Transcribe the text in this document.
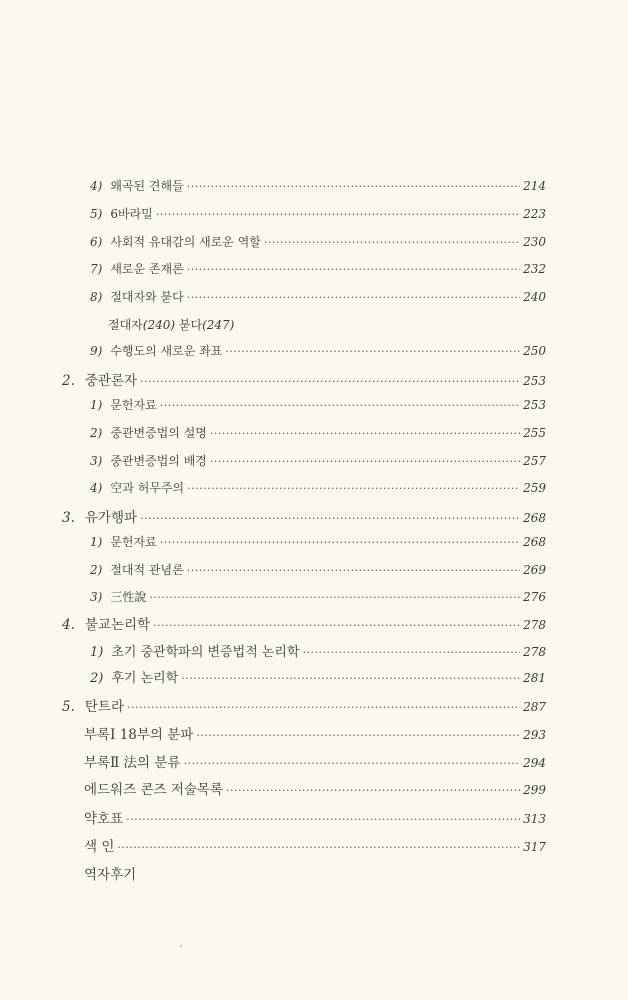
4) 왜곡된 견해들 ·····	214
5) 6바라밀 ·····	223
6) 사회적 유대감의 새로운 역할 ·····	230
7) 새로운 존재론 ·····	232
8) 절대자와 붇다 ·····	240
절대자(240) 붇다(247)
9) 수행도의 새로운 좌표 ·····	250
2. 중관론자 ·····	253
1) 문헌자료 ·····	253
2) 중관변증법의 설명 ·····	255
3) 중관변증법의 배경 ·····	257
4) 空과 허무주의 ·····	259
3. 유가행파 ·····	268
1) 문헌자료 ·····	268
2) 절대적 관념론 ·····	269
3) 三性說 ·····	276
4. 불교논리학 ·····	278
1) 초기 중관학파의 변증법적 논리학 ·····	278
2) 후기 논리학 ·····	281
5. 탄트라 ·····	287
부록Ⅰ 18부의 분파 ·····	293
부록Ⅱ 法의 분류 ·····	294
에드워즈 콘즈 저술목록 ·····	299
약호표 ·····	313
색 인 ·····	317
역자후기
